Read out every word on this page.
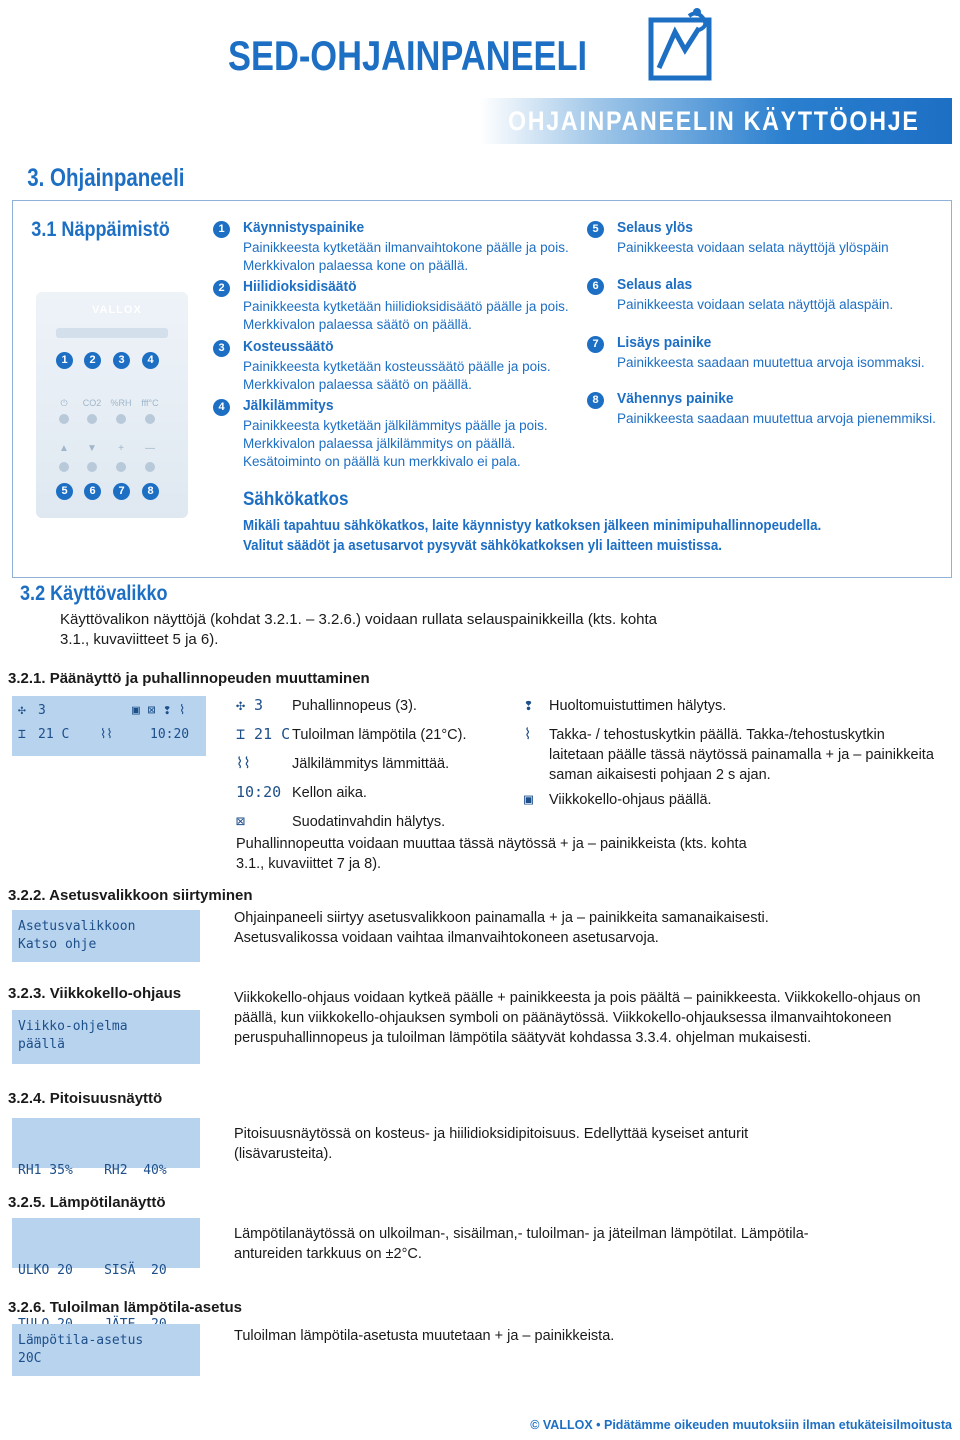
SED-OHJAINPANEELI
OHJAINPANEELIN KÄYTTÖOHJE
3. Ohjainpaneeli
3.1 Näppäimistö
VALLOX
1
⏻
5
▲
2
CO2
6
▼
3
%RH
7
+
4
fff°C
8
—
1	Käynnistyspainike
Painikkeesta kytketään ilmanvaihtokone päälle ja pois. Merkkivalon palaessa kone on päällä.
2	Hiilidioksidisäätö
Painikkeesta kytketään hiilidioksidisäätö päälle ja pois. Merkkivalon palaessa säätö on päällä.
3	Kosteussäätö
Painikkeesta kytketään kosteussäätö päälle ja pois. Merkkivalon palaessa säätö on päällä.
4	Jälkilämmitys
Painikkeesta kytketään jälkilämmitys päälle ja pois. Merkkivalon palaessa jälkilämmitys on päällä. Kesätoiminto on päällä kun merkkivalo ei pala.
5	Selaus ylös
Painikkeesta voidaan selata näyttöjä ylöspäin
6	Selaus alas
Painikkeesta voidaan selata näyttöjä alaspäin.
7	Lisäys painike
Painikkeesta saadaan muutettua arvoja isommaksi.
8	Vähennys painike
Painikkeesta saadaan muutettua arvoja pienemmiksi.
Sähkökatkos
Mikäli tapahtuu sähkökatkos, laite käynnistyy katkoksen jälkeen minimipuhallinnopeudella.
Valitut säädöt ja asetusarvot pysyvät sähkökatkoksen yli laitteen muistissa.
3.2 Käyttövalikko
Käyttövalikon näyttöjä (kohdat 3.2.1. – 3.2.6.) voidaan rullata selauspainikkeilla (kts. kohta 3.1., kuvaviitteet 5 ja 6).
3.2.1. Päänäyttö ja puhallinnopeuden muuttaminen
✣ 3	▣ ⊠ ❢ ⌇
⌶ 21 C ⌇⌇	10:20
✣ 3 Puhallinnopeus (3).
⌶ 21 C Tuloilman lämpötila (21°C).
⌇⌇	Jälkilämmitys lämmittää.
10:20 Kellon aika.
⊠	Suodatinvahdin hälytys.
❢ Huoltomuistuttimen hälytys.
⌇ Takka- / tehostuskytkin päällä. Takka-/tehostuskytkin laitetaan päälle tässä näytössä painamalla + ja – painikkeita saman aikaisesti pohjaan 2 s ajan.
▣ Viikkokello-ohjaus päällä.
Puhallinnopeutta voidaan muuttaa tässä näytössä + ja – painikkeista (kts. kohta 3.1., kuvaviittet 7 ja 8).
3.2.2. Asetusvalikkoon siirtyminen
Asetusvalikkoon
Katso ohje
Ohjainpaneeli siirtyy asetusvalikkoon painamalla + ja – painikkeita samanaikaisesti. Asetusvalikossa voidaan vaihtaa ilmanvaihtokoneen asetusarvoja.
3.2.3. Viikkokello-ohjaus
Viikko-ohjelma
päällä
Viikkokello-ohjaus voidaan kytkeä päälle + painikkeesta ja pois päältä – painikkeesta. Viikkokello-ohjaus on päällä, kun viikkokello-ohjauksen symboli on päänäytössä. Viikkokello-ohjauksessa ilmanvaihtokoneen peruspuhallinnopeus ja tuloilman lämpötila säätyvät kohdassa 3.3.4. ohjelman mukaisesti.
3.2.4. Pitoisuusnäyttö

RH1 35%    RH2  40%

Pitoisuusnäytössä on kosteus- ja hiilidioksidipitoisuus. Edellyttää kyseiset anturit (lisävarusteita).
3.2.5. Lämpötilanäyttö

ULKO 20    SISÄ  20

Lämpötilanäytössä on ulkoilman-, sisäilman,- tuloilman- ja jäteilman lämpötilat. Lämpötila-antureiden tarkkuus on ±2°C.
3.2.6. Tuloilman lämpötila-asetus
Lämpötila-asetus
20C
Tuloilman lämpötila-asetusta muutetaan + ja – painikkeista.
© VALLOX • Pidätämme oikeuden muutoksiin ilman etukäteisilmoitusta
